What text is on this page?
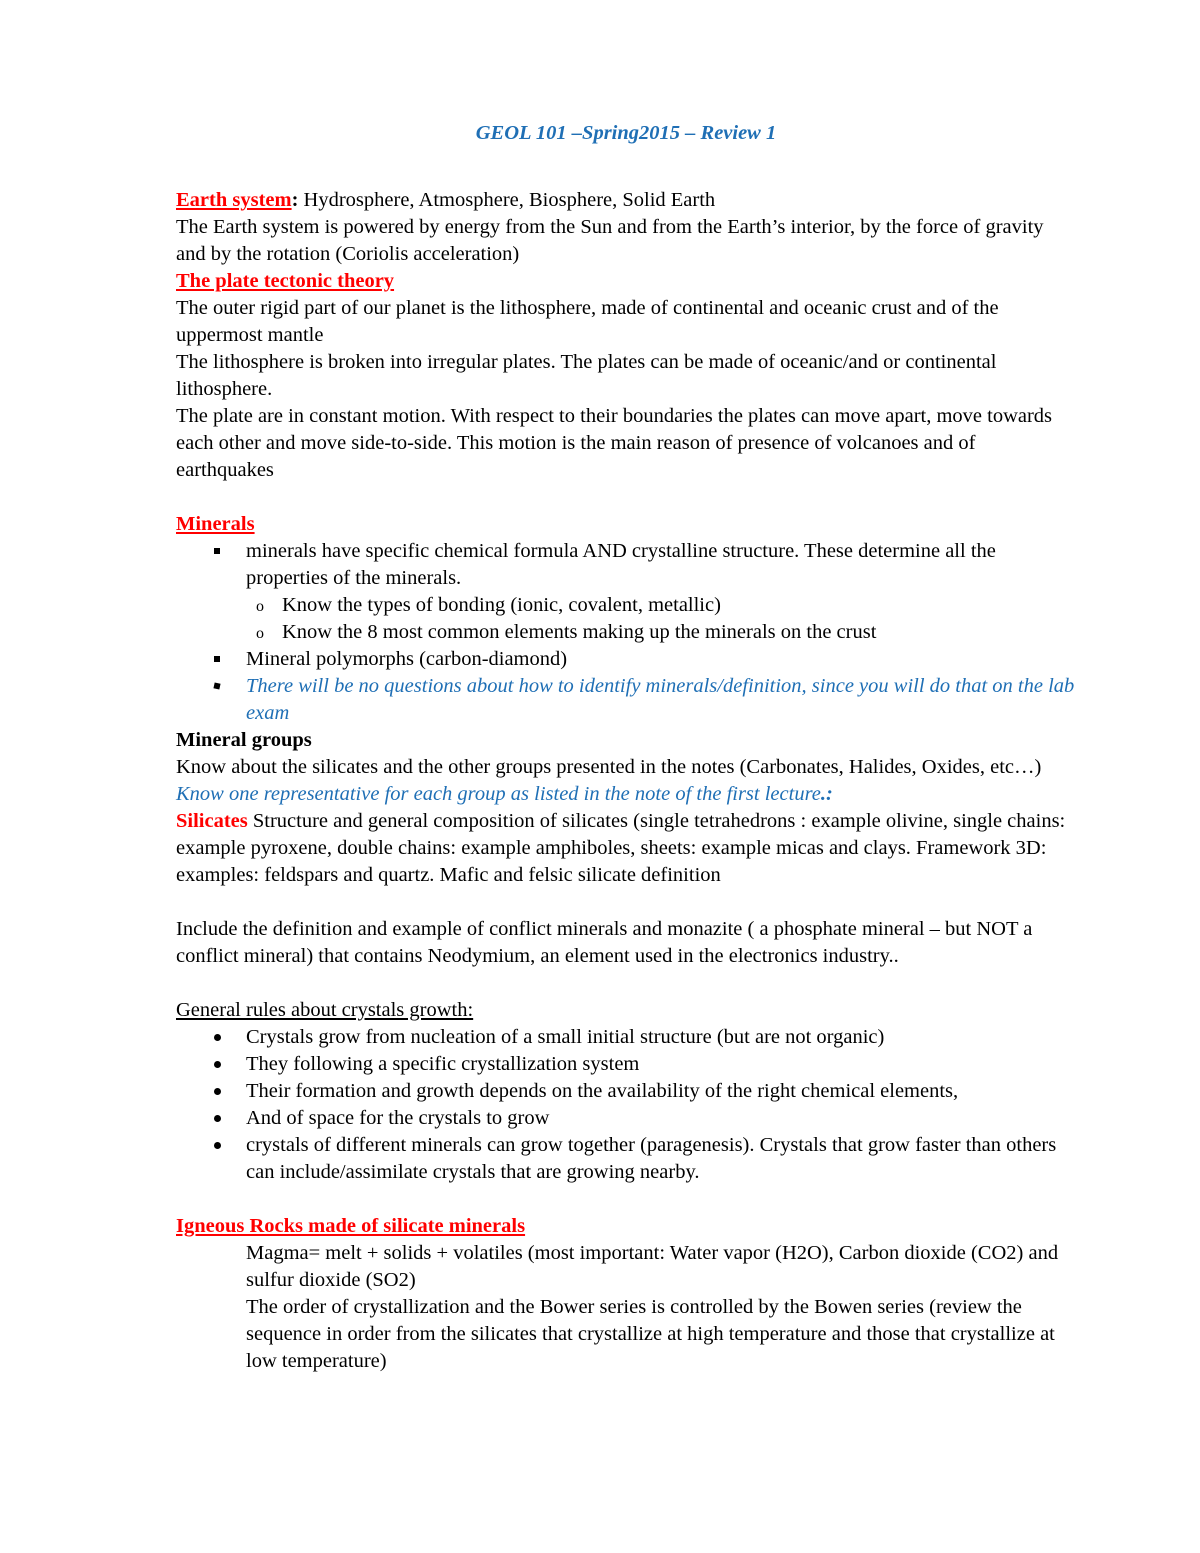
GEOL 101 –Spring2015 – Review 1

Earth system: Hydrosphere, Atmosphere, Biosphere, Solid Earth

The Earth system is powered by energy from the Sun and from the Earth’s interior, by the force of gravity and by the rotation (Coriolis acceleration)

The plate tectonic theory

The outer rigid part of our planet is the lithosphere, made of continental and oceanic crust and of the uppermost mantle

The lithosphere is broken into irregular plates. The plates can be made of oceanic/and or continental lithosphere.

The plate are in constant motion. With respect to their boundaries the plates can move apart, move towards each other and move side-to-side. This motion is the main reason of presence of volcanoes and of earthquakes

Minerals

minerals have specific chemical formula AND crystalline structure. These determine all the properties of the minerals.
o Know the types of bonding (ionic, covalent, metallic)
o Know the 8 most common elements making up the minerals on the crust
Mineral polymorphs (carbon-diamond)
There will be no questions about how to identify minerals/definition, since you will do that on the lab exam

Mineral groups

Know about the silicates and the other groups presented in the notes (Carbonates, Halides, Oxides, etc…) Know one representative for each group as listed in the note of the first lecture.:

Silicates Structure and general composition of silicates (single tetrahedrons : example olivine, single chains: example pyroxene, double chains: example amphiboles, sheets: example micas and clays. Framework 3D: examples: feldspars and quartz. Mafic and felsic silicate definition

Include the definition and example of conflict minerals and monazite ( a phosphate mineral – but NOT a conflict mineral) that contains Neodymium, an element used in the electronics industry..

General rules about crystals growth:

Crystals grow from nucleation of a small initial structure (but are not organic)
They following a specific crystallization system
Their formation and growth depends on the availability of the right chemical elements,
And of space for the crystals to grow
crystals of different minerals can grow together (paragenesis). Crystals that grow faster than others can include/assimilate crystals that are growing nearby.

Igneous Rocks made of silicate minerals

Magma= melt + solids + volatiles (most important: Water vapor (H2O), Carbon dioxide (CO2) and sulfur dioxide (SO2)

The order of crystallization and the Bower series is controlled by the Bowen series (review the sequence in order from the silicates that crystallize at high temperature and those that crystallize at low temperature)
